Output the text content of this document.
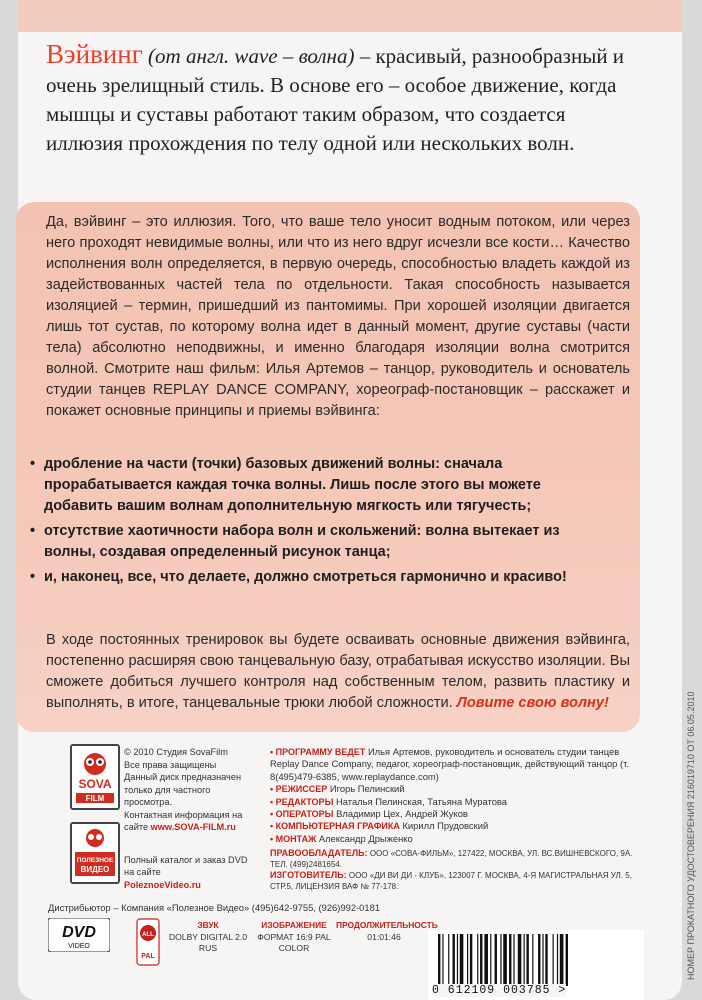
Вэйвинг (от англ. wave – волна) – красивый, разнообразный и очень зрелищный стиль. В основе его – особое движение, когда мышцы и суставы работают таким образом, что создается иллюзия прохождения по телу одной или нескольких волн.
Да, вэйвинг – это иллюзия. Того, что ваше тело уносит водным потоком, или через него проходят невидимые волны, или что из него вдруг исчезли все кости… Качество исполнения волн определяется, в первую очередь, способностью владеть каждой из задействованных частей тела по отдельности. Такая способность называется изоляцией – термин, пришедший из пантомимы. При хорошей изоляции двигается лишь тот сустав, по которому волна идет в данный момент, другие суставы (части тела) абсолютно неподвижны, и именно благодаря изоляции волна смотрится волной. Смотрите наш фильм: Илья Артемов – танцор, руководитель и основатель студии танцев REPLAY DANCE COMPANY, хореограф-постановщик – расскажет и покажет основные принципы и приемы вэйвинга:
• дробление на части (точки) базовых движений волны: сначала прорабатывается каждая точка волны. Лишь после этого вы можете добавить вашим волнам дополнительную мягкость или тягучесть;
• отсутствие хаотичности набора волн и скольжений: волна вытекает из волны, создавая определенный рисунок танца;
• и, наконец, все, что делаете, должно смотреться гармонично и красиво!
В ходе постоянных тренировок вы будете осваивать основные движения вэйвинга, постепенно расширяя свою танцевальную базу, отрабатывая искусство изоляции. Вы сможете добиться лучшего контроля над собственным телом, развить пластику и выполнять, в итоге, танцевальные трюки любой сложности. Ловите свою волну!	НОМЕР ПРОКАТНОГО УДОСТОВЕРЕНИЯ 216019710 ОТ 06.05.2010
SOVA
FILM
ПОЛЕЗНОЕ
ВИДЕО
© 2010 Студия SovaFilm
Все права защищены
Данный диск предназначен только для частного просмотра.
Контактная информация на сайте www.SOVA-FILM.ru
Полный каталог и заказ DVD на сайте
PoleznoeVideo.ru
• ПРОГРАММУ ВЕДЕТ Илья Артемов, руководитель и основатель студии танцев Replay Dance Company, педагог, хореограф-постановщик, действующий танцор (т. 8(495)479-6385, www.replaydance.com)
• РЕЖИССЕР Игорь Пелинский
• РЕДАКТОРЫ Наталья Пелинская, Татьяна Муратова
• ОПЕРАТОРЫ Владимир Цех, Андрей Жуков
• КОМПЬЮТЕРНАЯ ГРАФИКА Кирилл Прудовский
• МОНТАЖ Александр Дрыженко
ПРАВООБЛАДАТЕЛЬ: ООО «СОВА-ФИЛЬМ», 127422, МОСКВА, УЛ. ВС.ВИШНЕВСКОГО, 9А. ТЕЛ. (499)2481654.
ИЗГОТОВИТЕЛЬ: ООО «ДИ ВИ ДИ - КЛУБ», 123007 Г. МОСКВА, 4-Я МАГИСТРАЛЬНАЯ УЛ. 5, СТР.5, ЛИЦЕНЗИЯ ВАФ № 77-178.
Дистрибьютор – Компания «Полезное Видео» (495)642-9755, (926)992-0181
DVD
VIDEO
ALL
PAL
ЗВУК
DOLBY DIGITAL 2.0 RUS
ИЗОБРАЖЕНИЕ
ФОРМАТ 16:9 PAL COLOR
ПРОДОЛЖИТЕЛЬНОСТЬ
01:01:46
0 612109 003785 >
